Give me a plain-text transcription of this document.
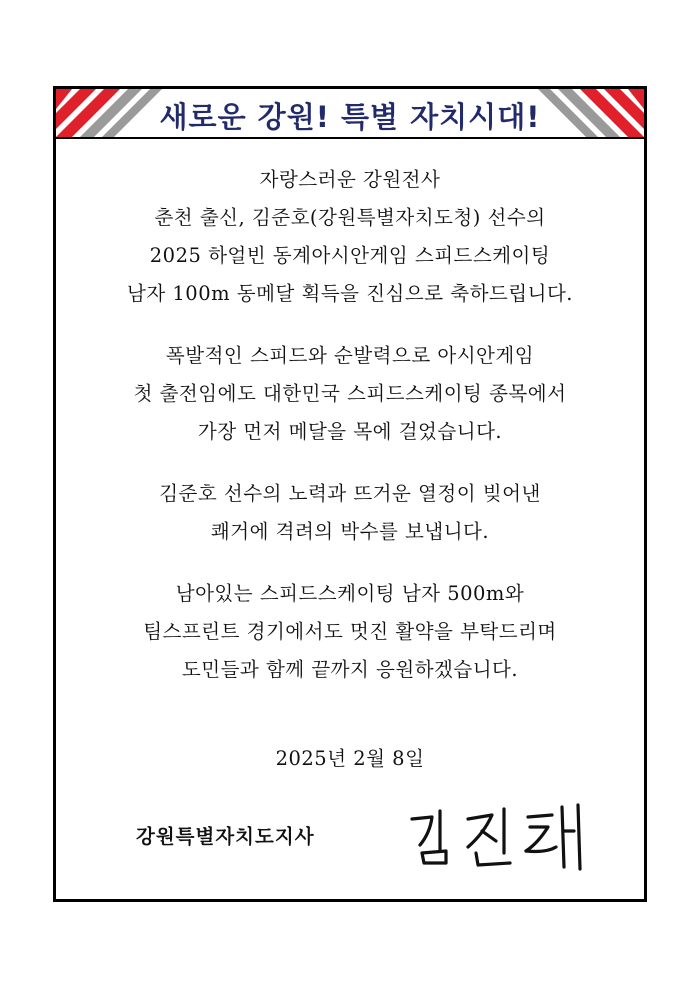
새로운 강원! 특별 자치시대!
자랑스러운 강원전사
춘천 출신, 김준호(강원특별자치도청) 선수의
2025 하얼빈 동계아시안게임 스피드스케이팅
남자 100m 동메달 획득을 진심으로 축하드립니다.
폭발적인 스피드와 순발력으로 아시안게임
첫 출전임에도 대한민국 스피드스케이팅 종목에서
가장 먼저 메달을 목에 걸었습니다.
김준호 선수의 노력과 뜨거운 열정이 빚어낸
쾌거에 격려의 박수를 보냅니다.
남아있는 스피드스케이팅 남자 500m와
팀스프린트 경기에서도 멋진 활약을 부탁드리며
도민들과 함께 끝까지 응원하겠습니다.
2025년 2월 8일
강원특별자치도지사
